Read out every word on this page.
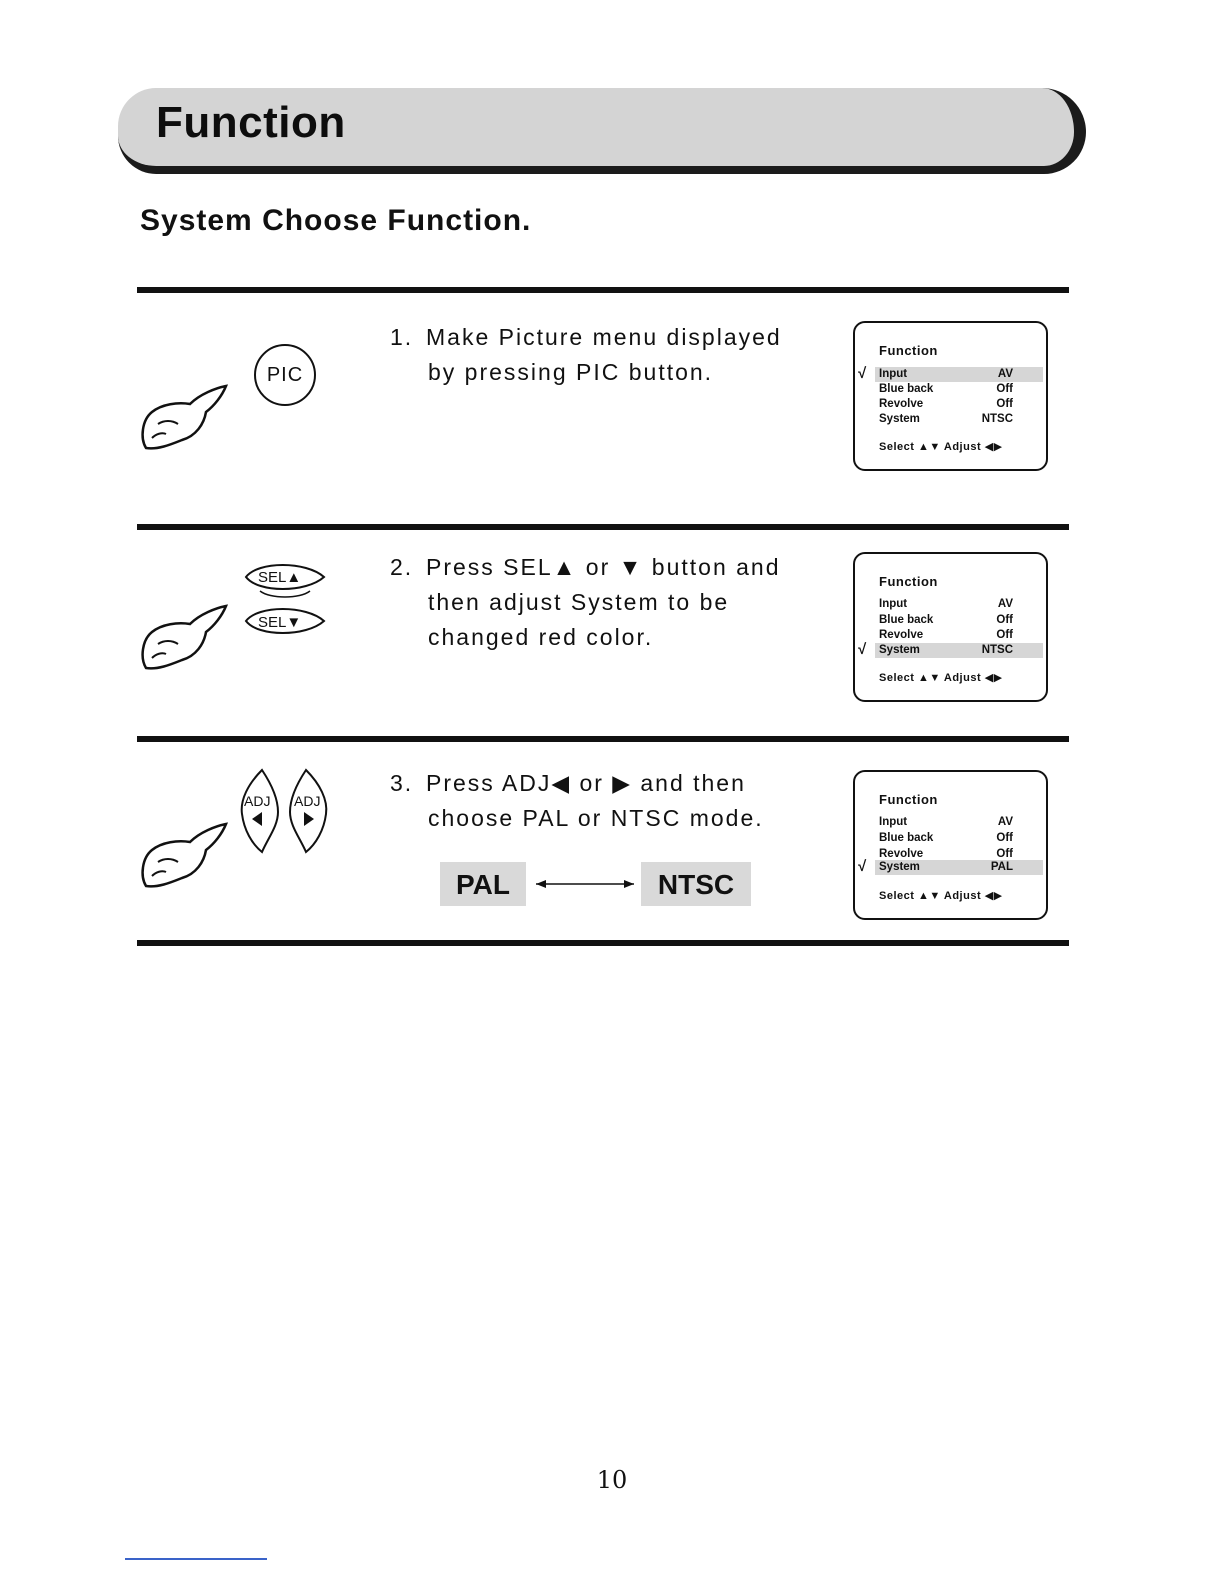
Function
System Choose Function.
PIC
1. Make Picture menu displayed
by pressing PIC button.
Function
√ Input	AV
Blue back	Off
Revolve	Off
System	NTSC
Select ▲▼ Adjust ◀▶
SEL▲
SEL▼
2. Press SEL▲ or ▼ button and
then adjust System to be
changed red color.
Function
Input	AV
Blue back	Off
Revolve	Off
√ System	NTSC
Select ▲▼ Adjust ◀▶
ADJ ADJ
3. Press ADJ◀ or ▶ and then
choose PAL or NTSC mode.
PAL	NTSC
Function
Input	AV
Blue back	Off
Revolve	Off
√ System	PAL
Select ▲▼ Adjust ◀▶
10
